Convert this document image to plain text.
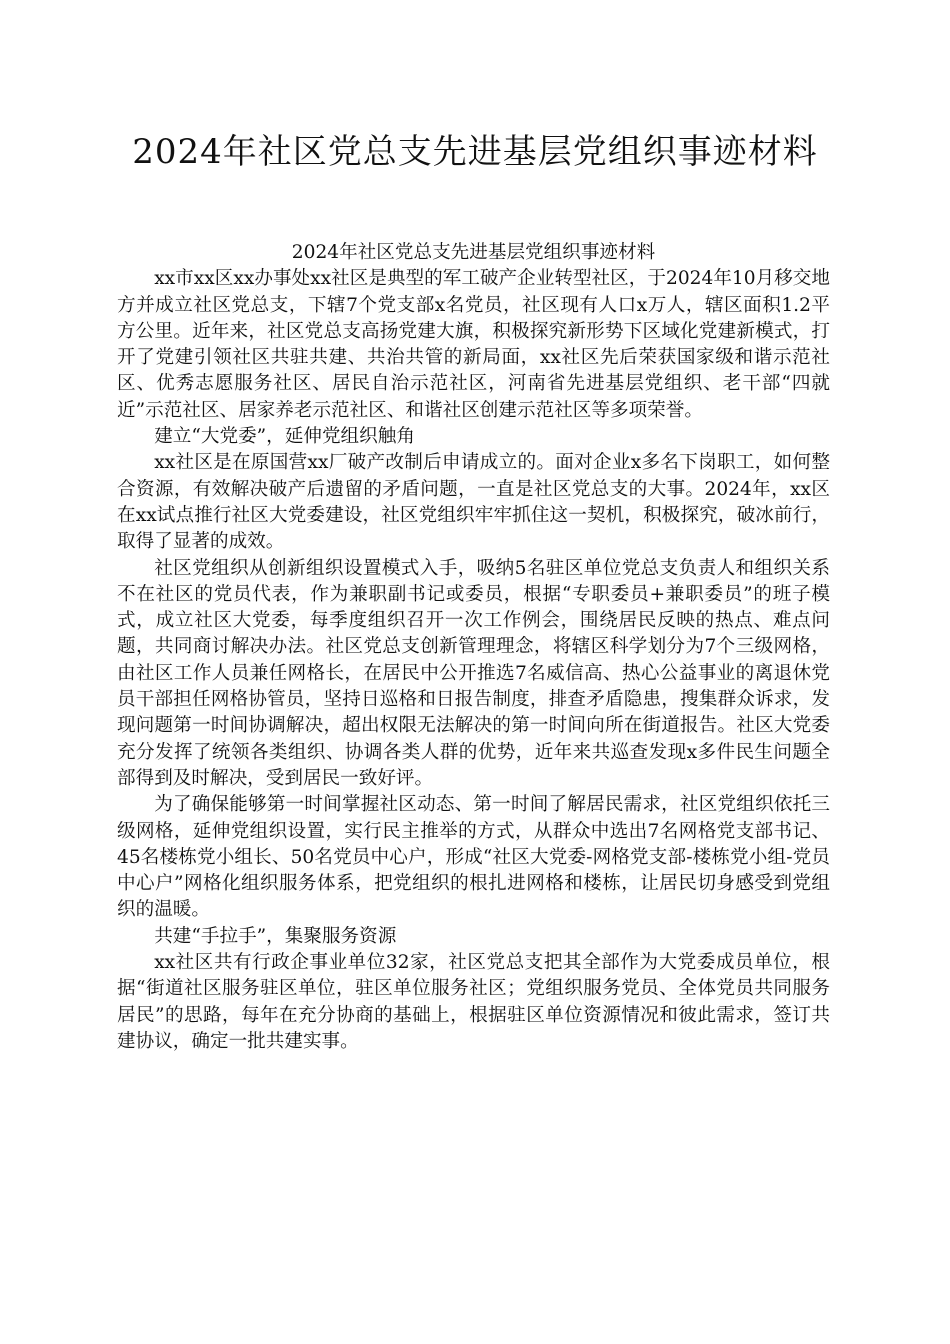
2024年社区党总支先进基层党组织事迹材料

2024年社区党总支先进基层党组织事迹材料

xx市xx区xx办事处xx社区是典型的军工破产企业转型社区，于2024年10月移交地方并成立社区党总支，下辖7个党支部x名党员，社区现有人口x万人，辖区面积1.2平方公里。近年来，社区党总支高扬党建大旗，积极探究新形势下区域化党建新模式，打开了党建引领社区共驻共建、共治共管的新局面，xx社区先后荣获国家级和谐示范社区、优秀志愿服务社区、居民自治示范社区，河南省先进基层党组织、老干部“四就近”示范社区、居家养老示范社区、和谐社区创建示范社区等多项荣誉。

建立“大党委”，延伸党组织触角

xx社区是在原国营xx厂破产改制后申请成立的。面对企业x多名下岗职工，如何整合资源，有效解决破产后遗留的矛盾问题，一直是社区党总支的大事。2024年，xx区在xx试点推行社区大党委建设，社区党组织牢牢抓住这一契机，积极探究，破冰前行，取得了显著的成效。

社区党组织从创新组织设置模式入手，吸纳5名驻区单位党总支负责人和组织关系不在社区的党员代表，作为兼职副书记或委员，根据“专职委员+兼职委员”的班子模式，成立社区大党委，每季度组织召开一次工作例会，围绕居民反映的热点、难点问题，共同商讨解决办法。社区党总支创新管理理念，将辖区科学划分为7个三级网格，由社区工作人员兼任网格长，在居民中公开推选7名威信高、热心公益事业的离退休党员干部担任网格协管员，坚持日巡格和日报告制度，排查矛盾隐患，搜集群众诉求，发现问题第一时间协调解决，超出权限无法解决的第一时间向所在街道报告。社区大党委充分发挥了统领各类组织、协调各类人群的优势，近年来共巡查发现x多件民生问题全部得到及时解决，受到居民一致好评。

为了确保能够第一时间掌握社区动态、第一时间了解居民需求，社区党组织依托三级网格，延伸党组织设置，实行民主推举的方式，从群众中选出7名网格党支部书记、45名楼栋党小组长、50名党员中心户，形成“社区大党委-网格党支部-楼栋党小组-党员中心户”网格化组织服务体系，把党组织的根扎进网格和楼栋，让居民切身感受到党组织的温暖。

共建“手拉手”，集聚服务资源

xx社区共有行政企事业单位32家，社区党总支把其全部作为大党委成员单位，根据“街道社区服务驻区单位，驻区单位服务社区；党组织服务党员、全体党员共同服务居民”的思路，每年在充分协商的基础上，根据驻区单位资源情况和彼此需求，签订共建协议，确定一批共建实事。
